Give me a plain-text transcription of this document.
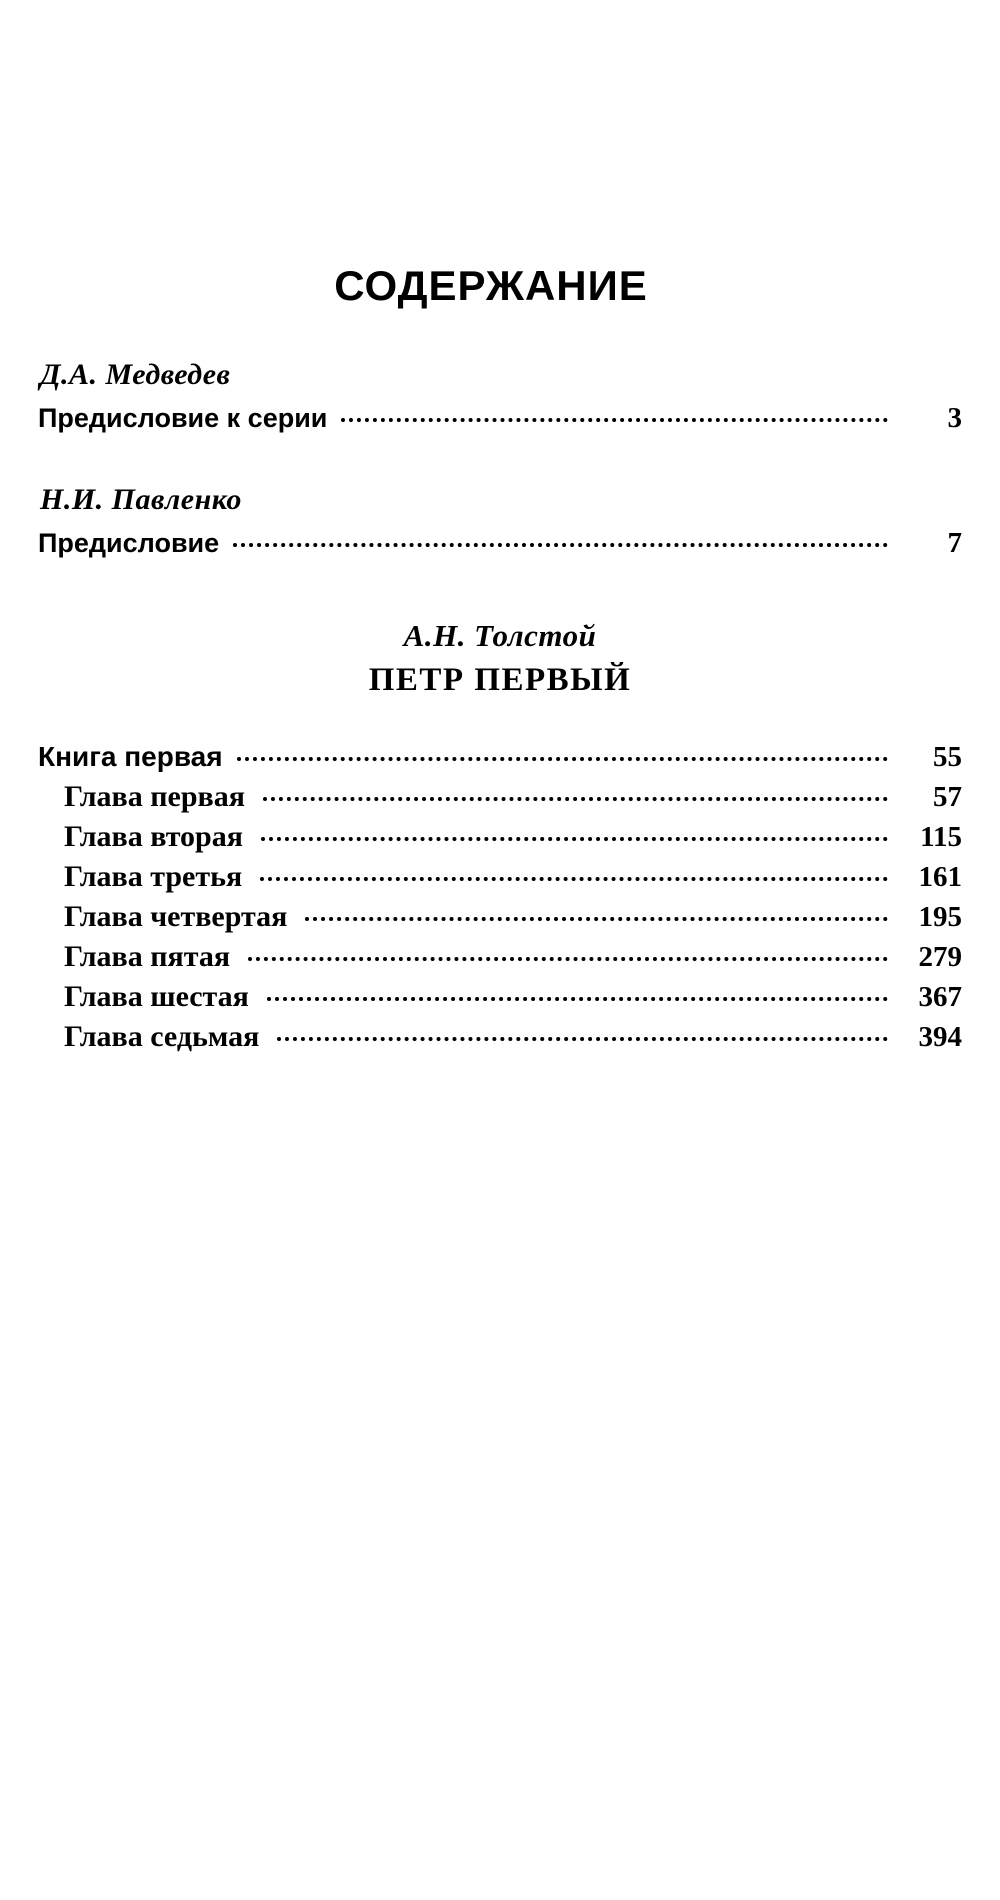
СОДЕРЖАНИЕ
Д.А. Медведев
Предисловие к серии	3
Н.И. Павленко
Предисловие	7
А.Н. Толстой
ПЕТР ПЕРВЫЙ
Книга первая	55
Глава первая	57
Глава вторая	115
Глава третья	161
Глава четвертая	195
Глава пятая	279
Глава шестая	367
Глава седьмая	394
